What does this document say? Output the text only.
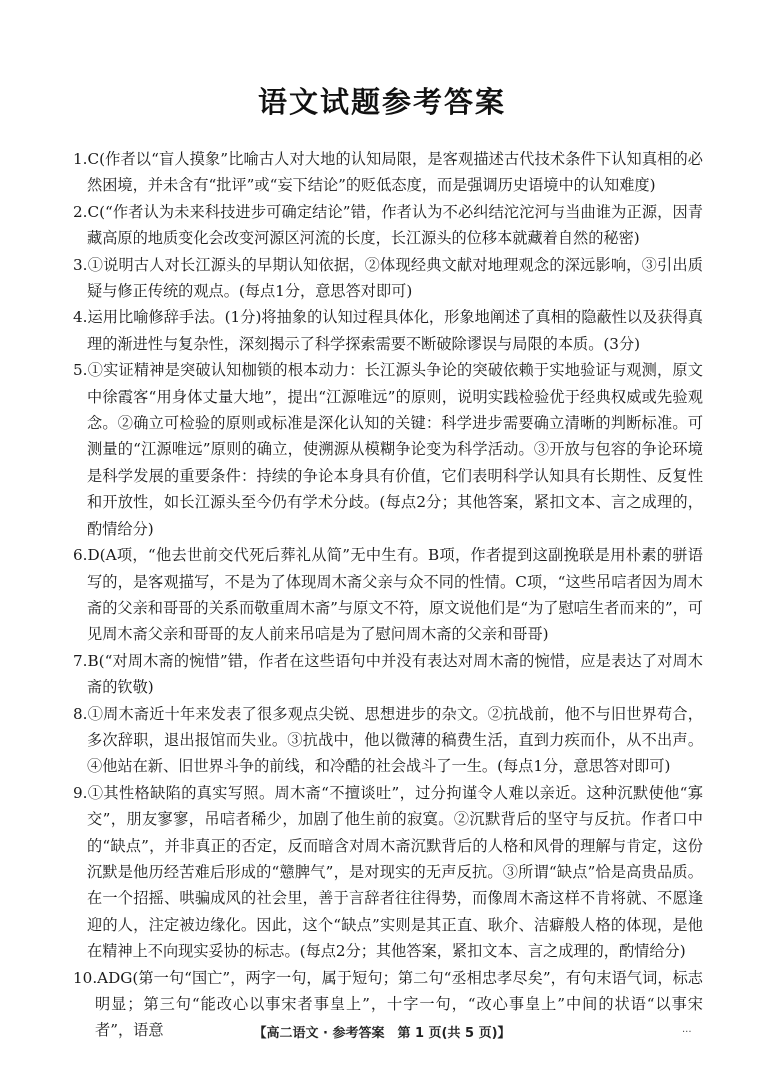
语文试题参考答案

1.C(作者以“盲人摸象”比喻古人对大地的认知局限，是客观描述古代技术条件下认知真相的必然困境，并未含有“批评”或“妄下结论”的贬低态度，而是强调历史语境中的认知难度)

2.C(“作者认为未来科技进步可确定结论”错，作者认为不必纠结沱沱河与当曲谁为正源，因青藏高原的地质变化会改变河源区河流的长度，长江源头的位移本就藏着自然的秘密)

3.①说明古人对长江源头的早期认知依据，②体现经典文献对地理观念的深远影响，③引出质疑与修正传统的观点。(每点1分，意思答对即可)

4.运用比喻修辞手法。(1分)将抽象的认知过程具体化，形象地阐述了真相的隐蔽性以及获得真理的渐进性与复杂性，深刻揭示了科学探索需要不断破除谬误与局限的本质。(3分)

5.①实证精神是突破认知枷锁的根本动力：长江源头争论的突破依赖于实地验证与观测，原文中徐霞客“用身体丈量大地”，提出“江源唯远”的原则，说明实践检验优于经典权威或先验观念。②确立可检验的原则或标准是深化认知的关键：科学进步需要确立清晰的判断标准。可测量的“江源唯远”原则的确立，使溯源从模糊争论变为科学活动。③开放与包容的争论环境是科学发展的重要条件：持续的争论本身具有价值，它们表明科学认知具有长期性、反复性和开放性，如长江源头至今仍有学术分歧。(每点2分；其他答案，紧扣文本、言之成理的，酌情给分)

6.D(A项，“他去世前交代死后葬礼从简”无中生有。B项，作者提到这副挽联是用朴素的骈语写的，是客观描写，不是为了体现周木斋父亲与众不同的性情。C项，“这些吊唁者因为周木斋的父亲和哥哥的关系而敬重周木斋”与原文不符，原文说他们是“为了慰唁生者而来的”，可见周木斋父亲和哥哥的友人前来吊唁是为了慰问周木斋的父亲和哥哥)

7.B(“对周木斋的惋惜”错，作者在这些语句中并没有表达对周木斋的惋惜，应是表达了对周木斋的钦敬)

8.①周木斋近十年来发表了很多观点尖锐、思想进步的杂文。②抗战前，他不与旧世界苟合，多次辞职，退出报馆而失业。③抗战中，他以微薄的稿费生活，直到力疾而仆，从不出声。④他站在新、旧世界斗争的前线，和冷酷的社会战斗了一生。(每点1分，意思答对即可)

9.①其性格缺陷的真实写照。周木斋“不擅谈吐”，过分拘谨令人难以亲近。这种沉默使他“寡交”，朋友寥寥，吊唁者稀少，加剧了他生前的寂寞。②沉默背后的坚守与反抗。作者口中的“缺点”，并非真正的否定，反而暗含对周木斋沉默背后的人格和风骨的理解与肯定，这份沉默是他历经苦难后形成的“戆脾气”，是对现实的无声反抗。③所谓“缺点”恰是高贵品质。在一个招摇、哄骗成风的社会里，善于言辞者往往得势，而像周木斋这样不肯将就、不愿逢迎的人，注定被边缘化。因此，这个“缺点”实则是其正直、耿介、洁癖般人格的体现，是他在精神上不向现实妥协的标志。(每点2分；其他答案，紧扣文本、言之成理的，酌情给分)

10.ADG(第一句“国亡”，两字一句，属于短句；第二句“丞相忠孝尽矣”，有句末语气词，标志明显；第三句“能改心以事宋者事皇上”，十字一句，“改心事皇上”中间的状语“以事宋者”，语意	【高二语文 · 参考答案　第 1 页(共 5 页)】	...
